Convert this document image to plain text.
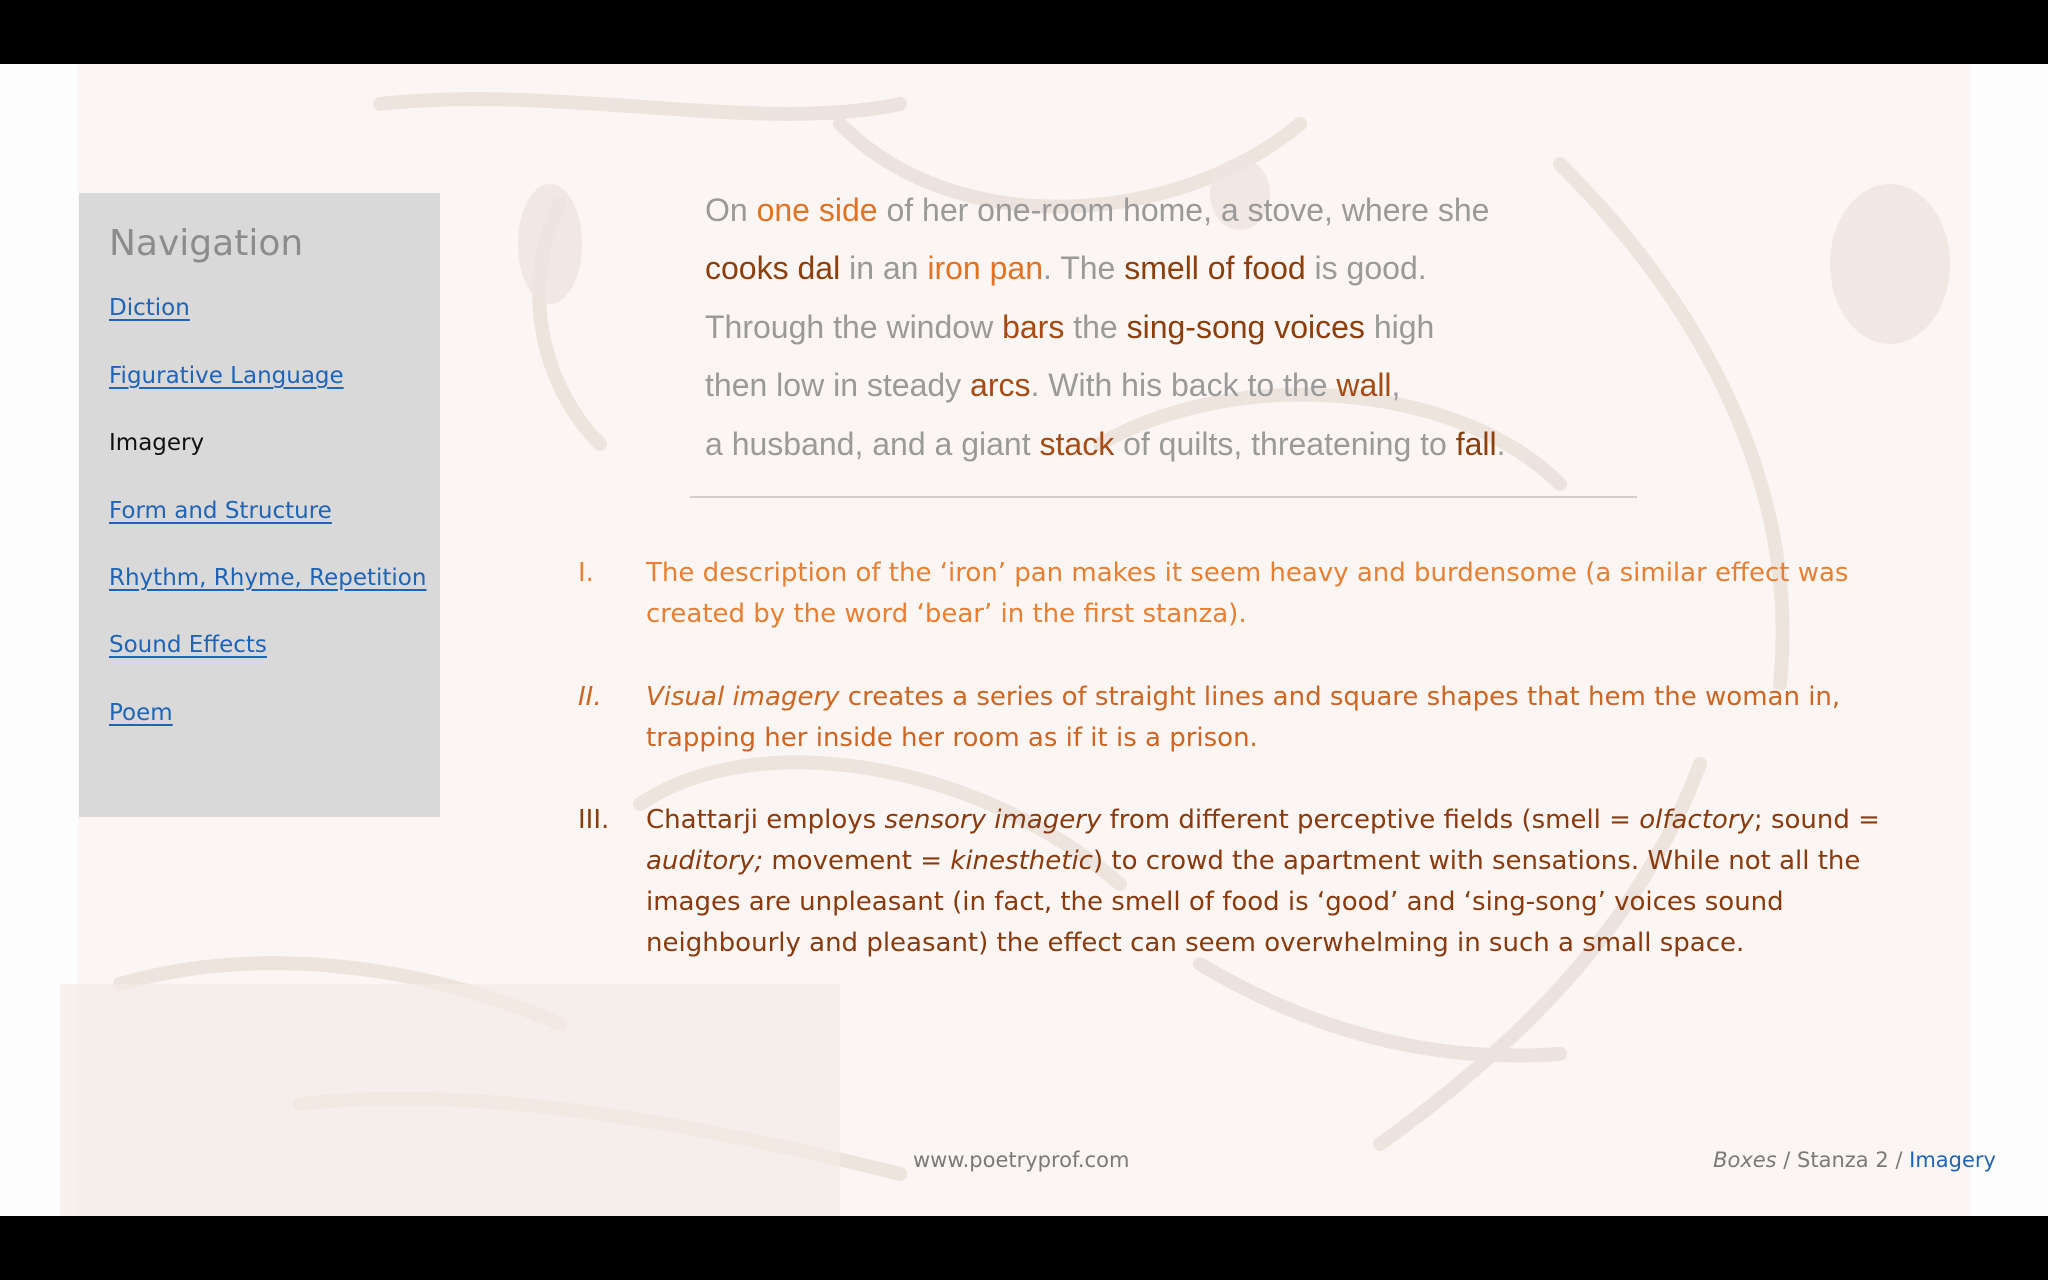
Navigation
Diction
Figurative Language
Imagery
Form and Structure
Rhythm, Rhyme, Repetition
Sound Effects
Poem
On one side of her one-room home, a stove, where she
cooks dal in an iron pan. The smell of food is good.
Through the window bars the sing-song voices high
then low in steady arcs. With his back to the wall,
a husband, and a giant stack of quilts, threatening to fall.
I.	The description of the ‘iron’ pan makes it seem heavy and burdensome (a similar effect was created by the word ‘bear’ in the first stanza).
II.	Visual imagery creates a series of straight lines and square shapes that hem the woman in, trapping her inside her room as if it is a prison.
III.	Chattarji employs sensory imagery from different perceptive fields (smell = olfactory; sound = auditory; movement = kinesthetic) to crowd the apartment with sensations. While not all the images are unpleasant (in fact, the smell of food is ‘good’ and ‘sing-song’ voices sound neighbourly and pleasant) the effect can seem overwhelming in such a small space.
www.poetryprof.com	Boxes / Stanza 2 / Imagery
